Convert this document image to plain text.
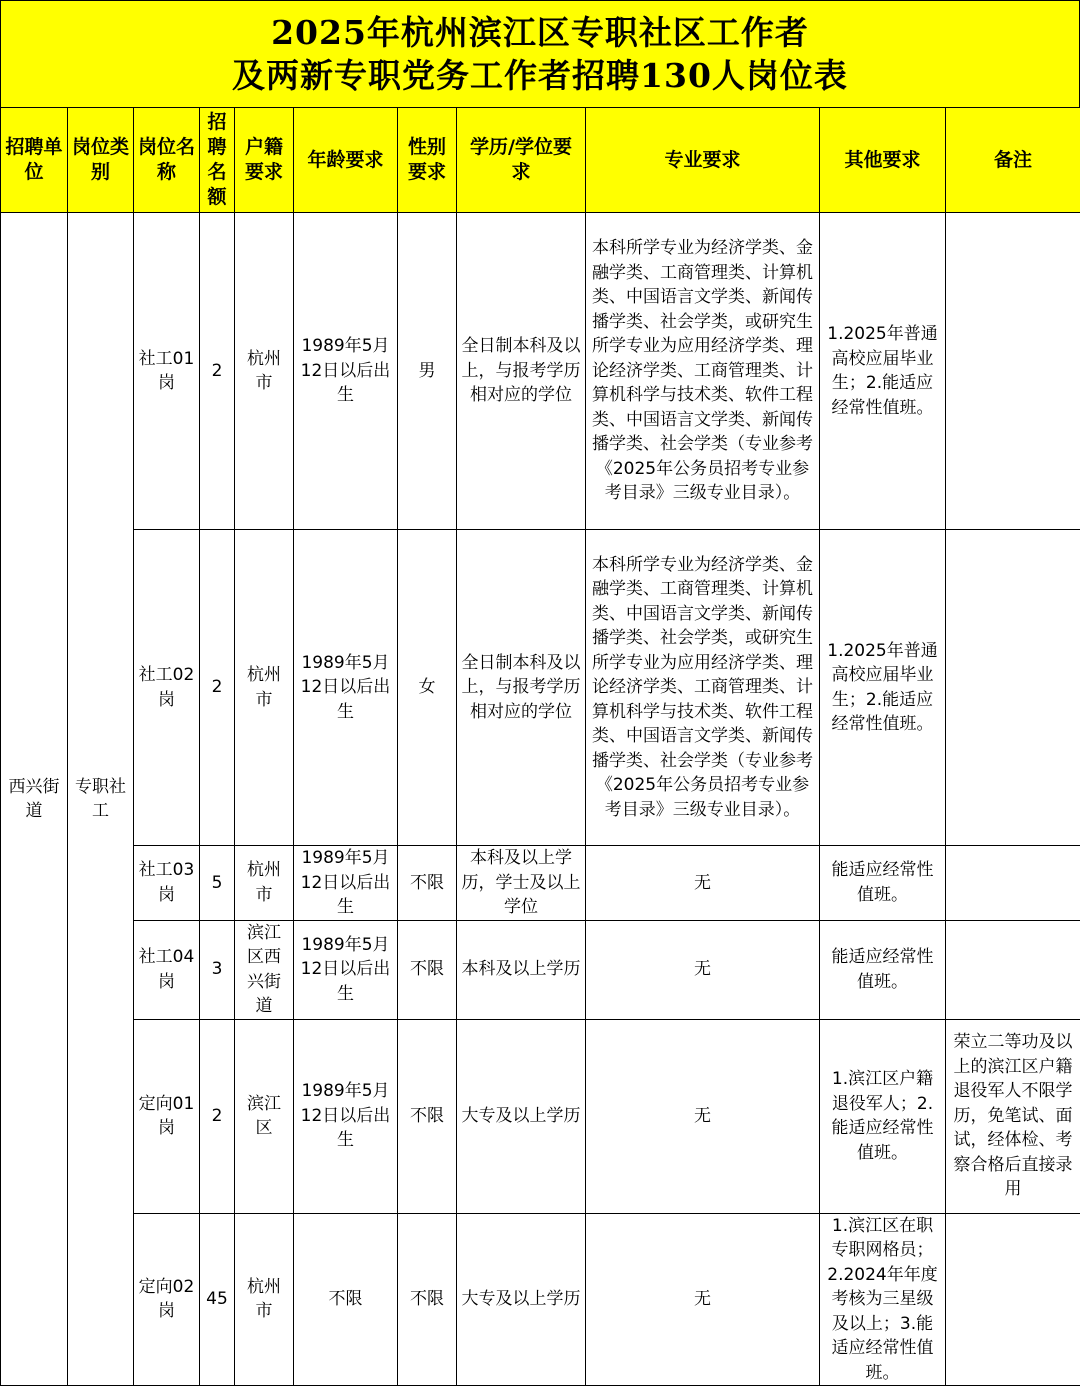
2025年杭州滨江区专职社区工作者
及两新专职党务工作者招聘130人岗位表
招聘单位	岗位类别	岗位名称	招聘名额	户籍要求	年龄要求	性别要求	学历/学位要求	专业要求	其他要求	备注
西兴街道	专职社工	社工01岗	2	杭州市	1989年5月12日以后出生	男	全日制本科及以 上，与报考学历相对应的学位	本科所学专业为经济学类、金融学类、工商管理类、计算机类、中国语言文学类、新闻传播学类、社会学类，或研究生所学专业为应用经济学类、理论经济学类、工商管理类、计算机科学与技术类、软件工程类、中国语言文学类、新闻传播学类、社会学类（专业参考《2025年公务员招考专业参考目录》三级专业目录）。	1.2025年普通高校应届毕业生；2.能适应经常性值班。	
		社工02岗	2	杭州市	1989年5月12日以后出生	女	全日制本科及以 上，与报考学历相对应的学位	本科所学专业为经济学类、金融学类、工商管理类、计算机类、中国语言文学类、新闻传播学类、社会学类，或研究生所学专业为应用经济学类、理论经济学类、工商管理类、计算机科学与技术类、软件工程类、中国语言文学类、新闻传播学类、社会学类（专业参考《2025年公务员招考专业参考目录》三级专业目录）。	1.2025年普通高校应届毕业生；2.能适应经常性值班。	
		社工03岗	5	杭州市	1989年5月12日以后出生	不限	本科及以上学历，学士及以上学位	无	能适应经常性值班。	
		社工04岗	3	滨江区西兴街道	1989年5月12日以后出生	不限	本科及以上学历	无	能适应经常性值班。	
		定向01岗	2	滨江区	1989年5月12日以后出生	不限	大专及以上学历	无	1.滨江区户籍退役军人；2.能适应经常性值班。	荣立二等功及以上的滨江区户籍退役军人不限学 历，免笔试、面试，经体检、考察合格后直接录用
		定向02岗	45	杭州市	不限	不限	大专及以上学历	无	1.滨江区在职专职网格员；2.2024年年度考核为三星级及以上；3.能适应经常性值班。	
